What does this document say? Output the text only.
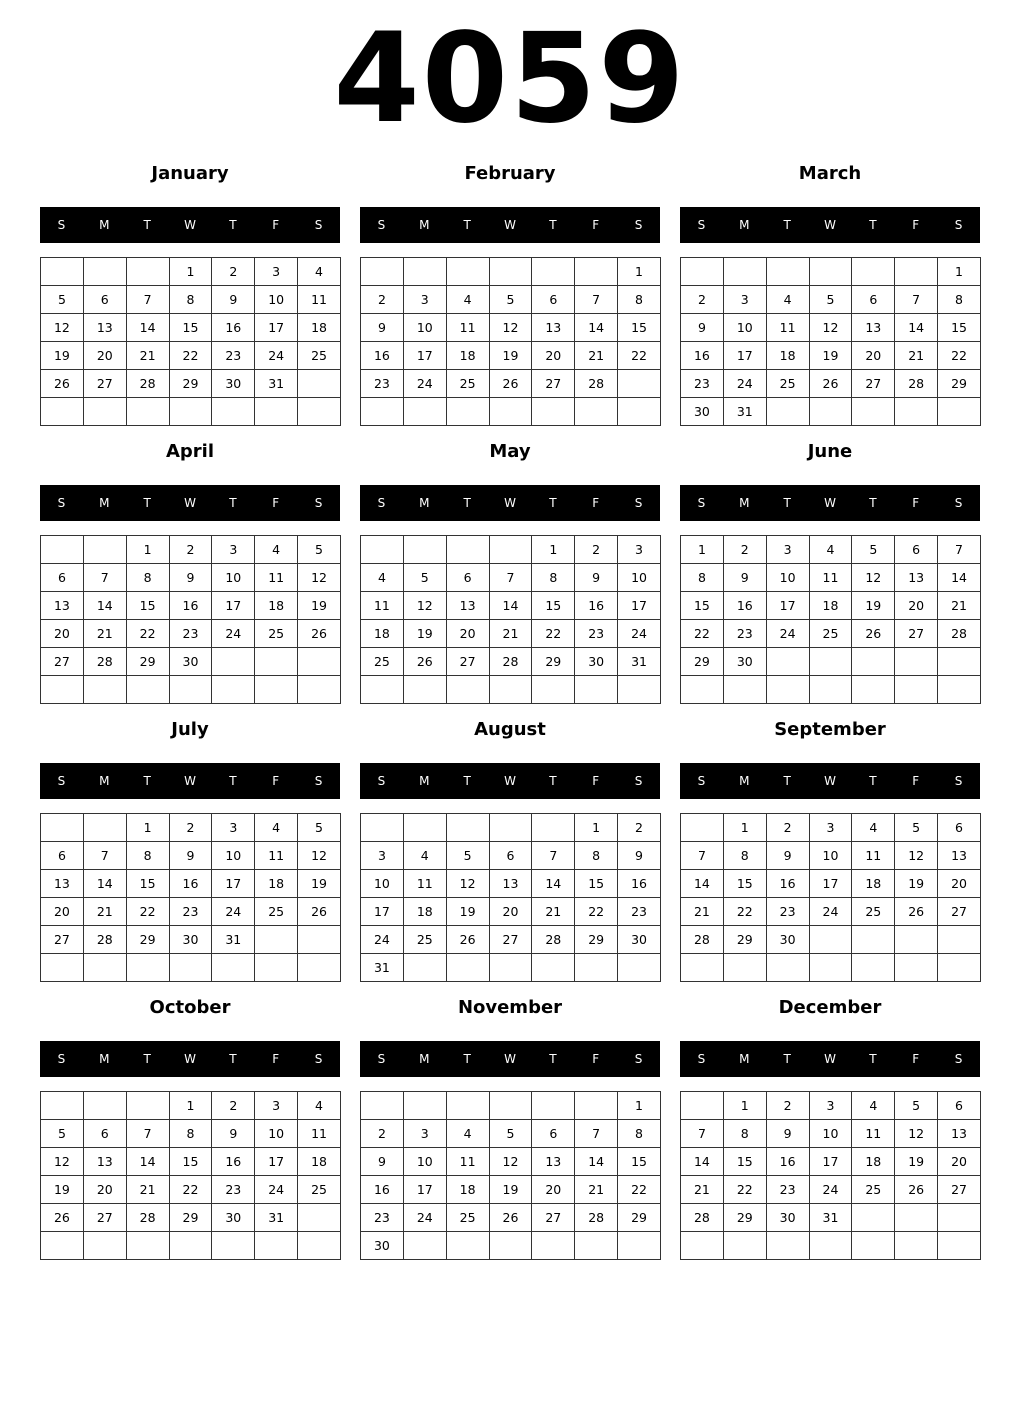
4059
January
S	M	T	W	T	F	S
			1	2	3	4
5	6	7	8	9	10	11
12	13	14	15	16	17	18
19	20	21	22	23	24	25
26	27	28	29	30	31	

February
S	M	T	W	T	F	S
						1
2	3	4	5	6	7	8
9	10	11	12	13	14	15
16	17	18	19	20	21	22
23	24	25	26	27	28	

March
S	M	T	W	T	F	S
						1
2	3	4	5	6	7	8
9	10	11	12	13	14	15
16	17	18	19	20	21	22
23	24	25	26	27	28	29
30	31					
April
S	M	T	W	T	F	S
		1	2	3	4	5
6	7	8	9	10	11	12
13	14	15	16	17	18	19
20	21	22	23	24	25	26
27	28	29	30			

May
S	M	T	W	T	F	S
				1	2	3
4	5	6	7	8	9	10
11	12	13	14	15	16	17
18	19	20	21	22	23	24
25	26	27	28	29	30	31

June
S	M	T	W	T	F	S
1	2	3	4	5	6	7
8	9	10	11	12	13	14
15	16	17	18	19	20	21
22	23	24	25	26	27	28
29	30					

July
S	M	T	W	T	F	S
		1	2	3	4	5
6	7	8	9	10	11	12
13	14	15	16	17	18	19
20	21	22	23	24	25	26
27	28	29	30	31		

August
S	M	T	W	T	F	S
					1	2
3	4	5	6	7	8	9
10	11	12	13	14	15	16
17	18	19	20	21	22	23
24	25	26	27	28	29	30
31						
September
S	M	T	W	T	F	S
	1	2	3	4	5	6
7	8	9	10	11	12	13
14	15	16	17	18	19	20
21	22	23	24	25	26	27
28	29	30				

October
S	M	T	W	T	F	S
			1	2	3	4
5	6	7	8	9	10	11
12	13	14	15	16	17	18
19	20	21	22	23	24	25
26	27	28	29	30	31	

November
S	M	T	W	T	F	S
						1
2	3	4	5	6	7	8
9	10	11	12	13	14	15
16	17	18	19	20	21	22
23	24	25	26	27	28	29
30						
December
S	M	T	W	T	F	S
	1	2	3	4	5	6
7	8	9	10	11	12	13
14	15	16	17	18	19	20
21	22	23	24	25	26	27
28	29	30	31			
